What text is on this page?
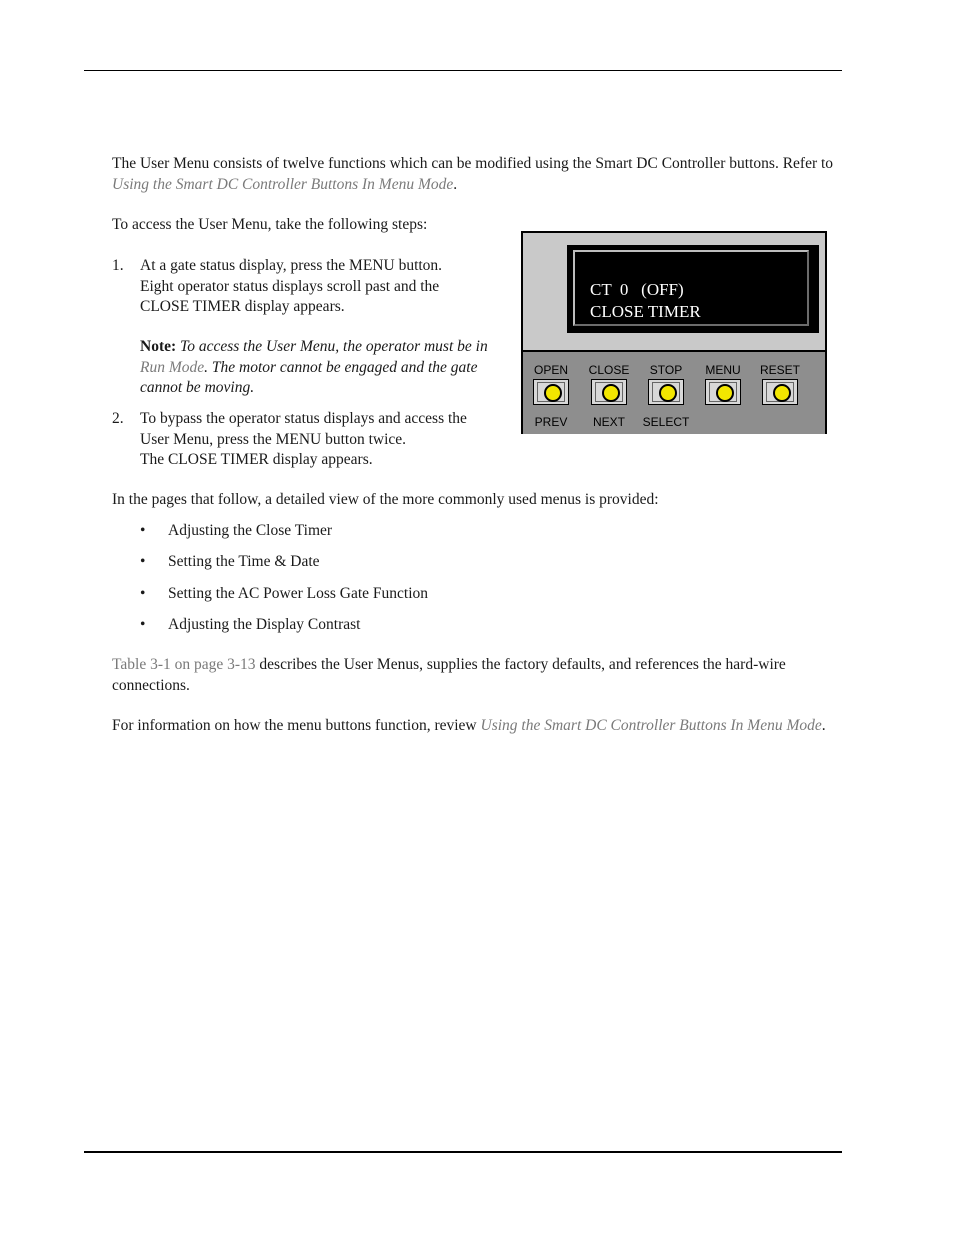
The User Menu consists of twelve functions which can be modified using the Smart DC Controller buttons. Refer to Using the Smart DC Controller Buttons In Menu Mode.

To access the User Menu, take the following steps:

1. At a gate status display, press the MENU button.
Eight operator status displays scroll past and the
CLOSE TIMER display appears.
Note: To access the User Menu, the operator must be in Run Mode. The motor cannot be engaged and the gate cannot be moving.
2. To bypass the operator status displays and access the
User Menu, press the MENU button twice.
The CLOSE TIMER display appears.
CT  0   (OFF)
CLOSE TIMER
OPEN	CLOSE	STOP	MENU	RESET
PREV	NEXT	SELECT

In the pages that follow, a detailed view of the more commonly used menus is provided:

• Adjusting the Close Timer
• Setting the Time & Date
• Setting the AC Power Loss Gate Function
• Adjusting the Display Contrast

Table 3-1 on page 3-13 describes the User Menus, supplies the factory defaults, and references the hard-wire connections.

For information on how the menu buttons function, review Using the Smart DC Controller Buttons In Menu Mode.
